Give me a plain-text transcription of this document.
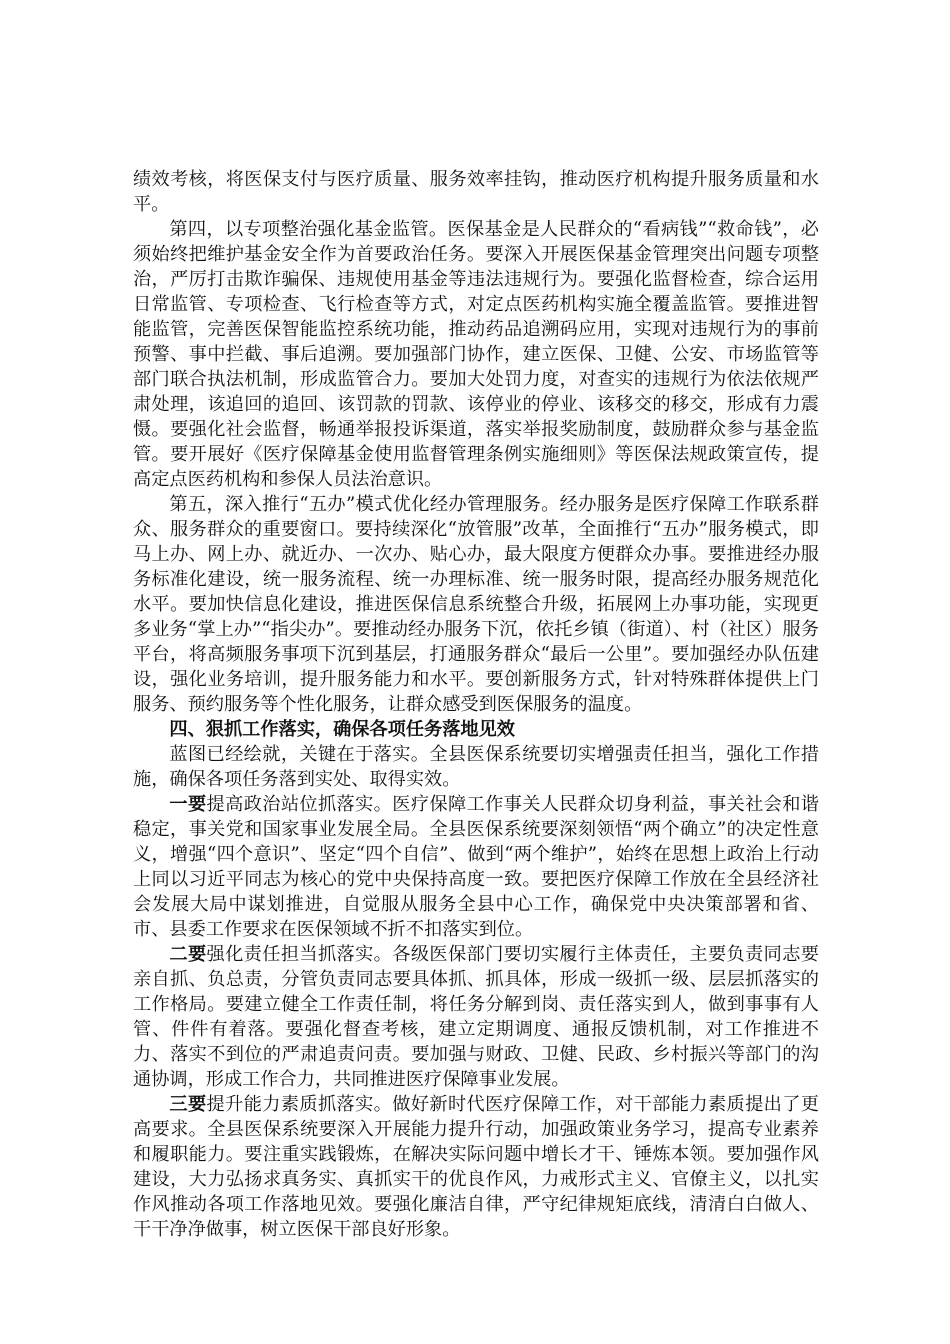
绩效考核，将医保支付与医疗质量、服务效率挂钩，推动医疗机构提升服务质量和水平。

第四，以专项整治强化基金监管。医保基金是人民群众的“看病钱”“救命钱”，必须始终把维护基金安全作为首要政治任务。要深入开展医保基金管理突出问题专项整治，严厉打击欺诈骗保、违规使用基金等违法违规行为。要强化监督检查，综合运用日常监管、专项检查、飞行检查等方式，对定点医药机构实施全覆盖监管。要推进智能监管，完善医保智能监控系统功能，推动药品追溯码应用，实现对违规行为的事前预警、事中拦截、事后追溯。要加强部门协作，建立医保、卫健、公安、市场监管等部门联合执法机制，形成监管合力。要加大处罚力度，对查实的违规行为依法依规严肃处理，该追回的追回、该罚款的罚款、该停业的停业、该移交的移交，形成有力震慑。要强化社会监督，畅通举报投诉渠道，落实举报奖励制度，鼓励群众参与基金监管。要开展好《医疗保障基金使用监督管理条例实施细则》等医保法规政策宣传，提高定点医药机构和参保人员法治意识。

第五，深入推行“五办”模式优化经办管理服务。经办服务是医疗保障工作联系群众、服务群众的重要窗口。要持续深化“放管服”改革，全面推行“五办”服务模式，即马上办、网上办、就近办、一次办、贴心办，最大限度方便群众办事。要推进经办服务标准化建设，统一服务流程、统一办理标准、统一服务时限，提高经办服务规范化水平。要加快信息化建设，推进医保信息系统整合升级，拓展网上办事功能，实现更多业务“掌上办”“指尖办”。要推动经办服务下沉，依托乡镇（街道）、村（社区）服务平台，将高频服务事项下沉到基层，打通服务群众“最后一公里”。要加强经办队伍建设，强化业务培训，提升服务能力和水平。要创新服务方式，针对特殊群体提供上门服务、预约服务等个性化服务，让群众感受到医保服务的温度。

四、狠抓工作落实，确保各项任务落地见效

蓝图已经绘就，关键在于落实。全县医保系统要切实增强责任担当，强化工作措施，确保各项任务落到实处、取得实效。

一要提高政治站位抓落实。医疗保障工作事关人民群众切身利益，事关社会和谐稳定，事关党和国家事业发展全局。全县医保系统要深刻领悟“两个确立”的决定性意义，增强“四个意识”、坚定“四个自信”、做到“两个维护”，始终在思想上政治上行动上同以习近平同志为核心的党中央保持高度一致。要把医疗保障工作放在全县经济社会发展大局中谋划推进，自觉服从服务全县中心工作，确保党中央决策部署和省、市、县委工作要求在医保领域不折不扣落实到位。

二要强化责任担当抓落实。各级医保部门要切实履行主体责任，主要负责同志要亲自抓、负总责，分管负责同志要具体抓、抓具体，形成一级抓一级、层层抓落实的工作格局。要建立健全工作责任制，将任务分解到岗、责任落实到人，做到事事有人管、件件有着落。要强化督查考核，建立定期调度、通报反馈机制，对工作推进不力、落实不到位的严肃追责问责。要加强与财政、卫健、民政、乡村振兴等部门的沟通协调，形成工作合力，共同推进医疗保障事业发展。

三要提升能力素质抓落实。做好新时代医疗保障工作，对干部能力素质提出了更高要求。全县医保系统要深入开展能力提升行动，加强政策业务学习，提高专业素养和履职能力。要注重实践锻炼，在解决实际问题中增长才干、锤炼本领。要加强作风建设，大力弘扬求真务实、真抓实干的优良作风，力戒形式主义、官僚主义，以扎实作风推动各项工作落地见效。要强化廉洁自律，严守纪律规矩底线，清清白白做人、干干净净做事，树立医保干部良好形象。
